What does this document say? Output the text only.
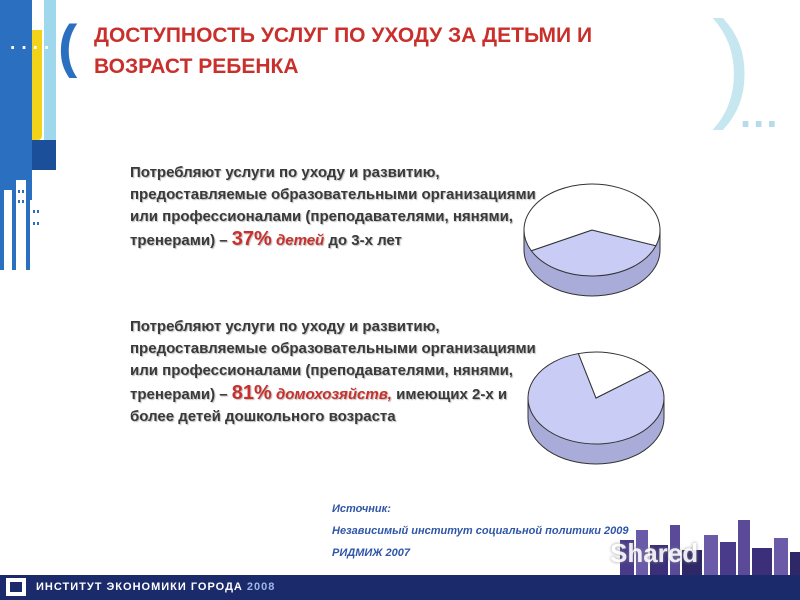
·····
( ДОСТУПНОСТЬ УСЛУГ ПО УХОДУ ЗА ДЕТЬМИ И
ВОЗРАСТ РЕБЕНКА	)
...
Потребляют услуги по уходу и развитию,
предоставляемые образовательными организациями
или профессионалами (преподавателями, нянями,
тренерами) – 37% детей до 3-х лет
Потребляют услуги по уходу и развитию,
предоставляемые образовательными организациями
или профессионалами (преподавателями, нянями,
тренерами) – 81% домохозяйств, имеющих 2-х и
более детей дошкольного возраста
Источник:
Независимый институт социальной политики 2009
РИДМИЖ 2007	Shared
ИНСТИТУТ ЭКОНОМИКИ ГОРОДА 2008
